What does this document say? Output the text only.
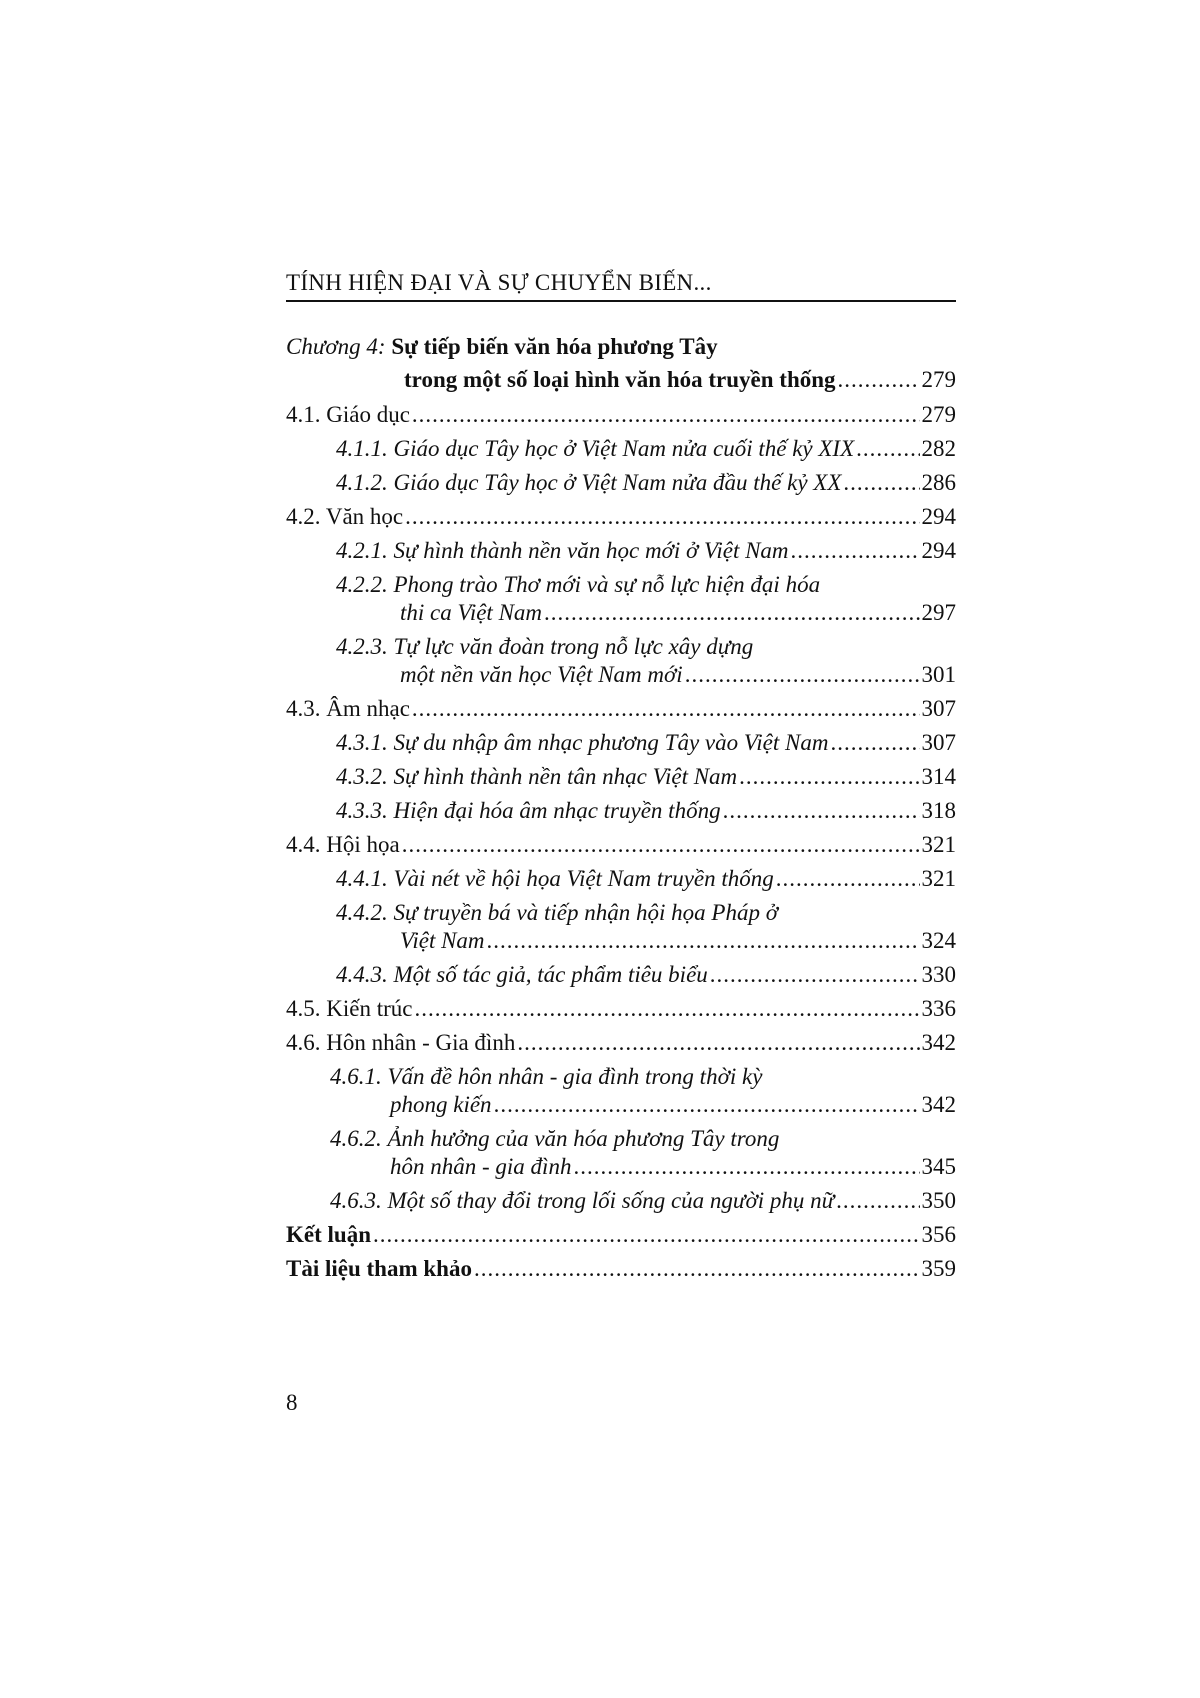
TÍNH HIỆN ĐẠI VÀ SỰ CHUYỂN BIẾN...
Chương 4: Sự tiếp biến văn hóa phương Tây
trong một số loại hình văn hóa truyền thống .....	279
4.1. Giáo dục .....	279
4.1.1. Giáo dục Tây học ở Việt Nam nửa cuối thế kỷ XIX .....	282
4.1.2. Giáo dục Tây học ở Việt Nam nửa đầu thế kỷ XX .....	286
4.2. Văn học .....	294
4.2.1. Sự hình thành nền văn học mới ở Việt Nam .....	294
4.2.2. Phong trào Thơ mới và sự nỗ lực hiện đại hóa
thi ca Việt Nam .....	297
4.2.3. Tự lực văn đoàn trong nỗ lực xây dựng
một nền văn học Việt Nam mới .....	301
4.3. Âm nhạc .....	307
4.3.1. Sự du nhập âm nhạc phương Tây vào Việt Nam .....	307
4.3.2. Sự hình thành nền tân nhạc Việt Nam .....	314
4.3.3. Hiện đại hóa âm nhạc truyền thống .....	318
4.4. Hội họa .....	321
4.4.1. Vài nét về hội họa Việt Nam truyền thống .....	321
4.4.2. Sự truyền bá và tiếp nhận hội họa Pháp ở
Việt Nam .....	324
4.4.3. Một số tác giả, tác phẩm tiêu biểu .....	330
4.5. Kiến trúc .....	336
4.6. Hôn nhân - Gia đình .....	342
4.6.1. Vấn đề hôn nhân - gia đình trong thời kỳ
phong kiến .....	342
4.6.2. Ảnh hưởng của văn hóa phương Tây trong
hôn nhân - gia đình .....	345
4.6.3. Một số thay đổi trong lối sống của người phụ nữ .....	350
Kết luận .....	356
Tài liệu tham khảo .....	359
8
